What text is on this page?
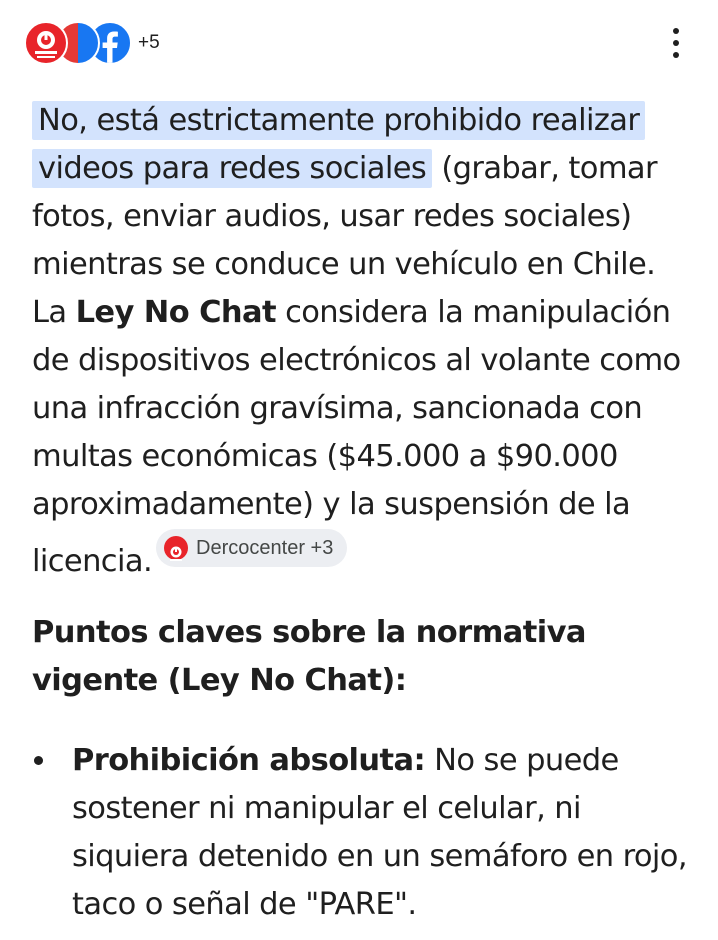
+5
No, está estrictamente prohibido realizar videos para redes sociales (grabar, tomar fotos, enviar audios, usar redes sociales) mientras se conduce un vehículo en Chile. La Ley No Chat considera la manipulación de dispositivos electrónicos al volante como una infracción gravísima, sancionada con multas económicas ($45.000 a $90.000 aproximadamente) y la suspensión de la licencia. Dercocenter +3
Puntos claves sobre la normativa vigente (Ley No Chat):
Prohibición absoluta: No se puede sostener ni manipular el celular, ni siquiera detenido en un semáforo en rojo, taco o señal de "PARE".
